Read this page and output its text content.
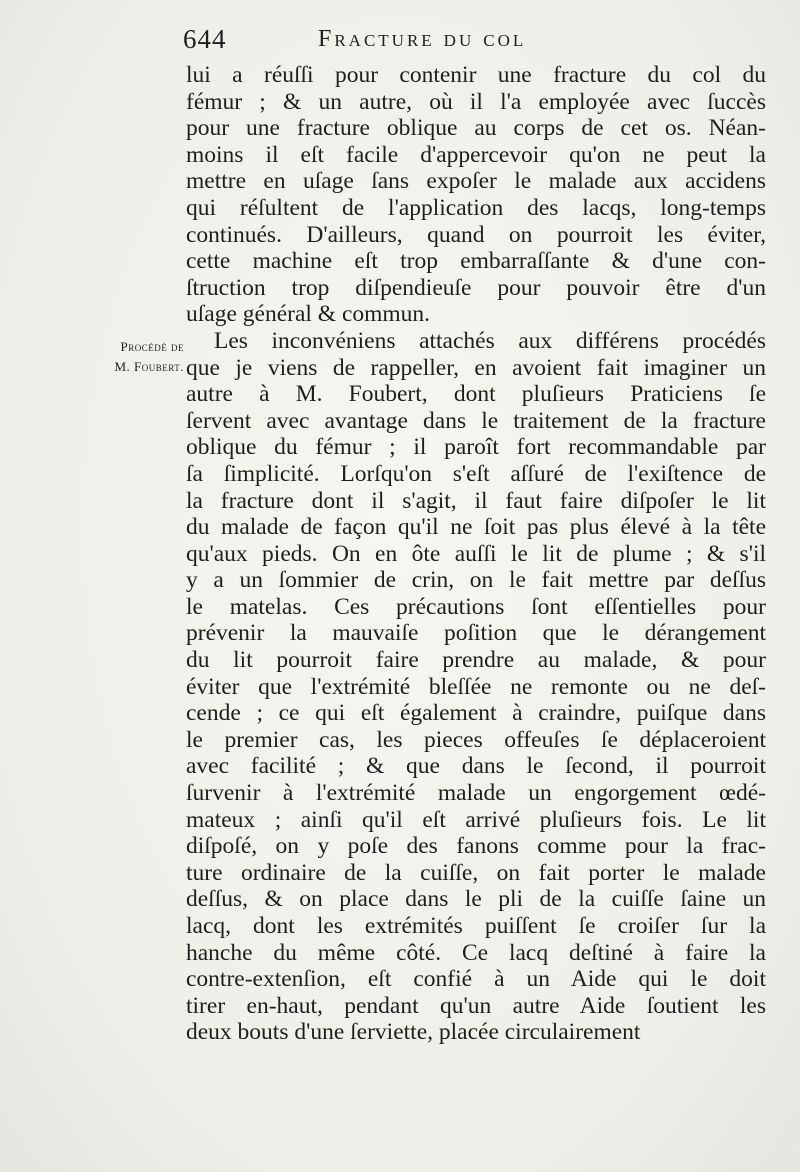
644	Fracture du col
Procédé de
M. Foubert.
lui a réuſſi pour contenir une fracture du col du
fémur ; & un autre, où il l'a employée avec ſuccès
pour une fracture oblique au corps de cet os. Néan-
moins il eſt facile d'appercevoir qu'on ne peut la
mettre en uſage ſans expoſer le malade aux accidens
qui réſultent de l'application des lacqs, long-temps
continués. D'ailleurs, quand on pourroit les éviter,
cette machine eſt trop embarraſſante & d'une con-
ſtruction trop diſpendieuſe pour pouvoir être d'un
uſage général & commun.
Les inconvéniens attachés aux différens procédés
que je viens de rappeller, en avoient fait imaginer un
autre à M. Foubert, dont pluſieurs Praticiens ſe
ſervent avec avantage dans le traitement de la fracture
oblique du fémur ; il paroît fort recommandable par
ſa ſimplicité. Lorſqu'on s'eſt aſſuré de l'exiſtence de
la fracture dont il s'agit, il faut faire diſpoſer le lit
du malade de façon qu'il ne ſoit pas plus élevé à la tête
qu'aux pieds. On en ôte auſſi le lit de plume ; & s'il
y a un ſommier de crin, on le fait mettre par deſſus
le matelas. Ces précautions ſont eſſentielles pour
prévenir la mauvaiſe poſition que le dérangement
du lit pourroit faire prendre au malade, & pour
éviter que l'extrémité bleſſée ne remonte ou ne deſ-
cende ; ce qui eſt également à craindre, puiſque dans
le premier cas, les pieces offeuſes ſe déplaceroient
avec facilité ; & que dans le ſecond, il pourroit
ſurvenir à l'extrémité malade un engorgement œdé-
mateux ; ainſi qu'il eſt arrivé pluſieurs fois. Le lit
diſpoſé, on y poſe des fanons comme pour la frac-
ture ordinaire de la cuiſſe, on fait porter le malade
deſſus, & on place dans le pli de la cuiſſe ſaine un
lacq, dont les extrémités puiſſent ſe croiſer ſur la
hanche du même côté. Ce lacq deſtiné à faire la
contre-extenſion, eſt confié à un Aide qui le doit
tirer en-haut, pendant qu'un autre Aide ſoutient les
deux bouts d'une ſerviette, placée circulairement
